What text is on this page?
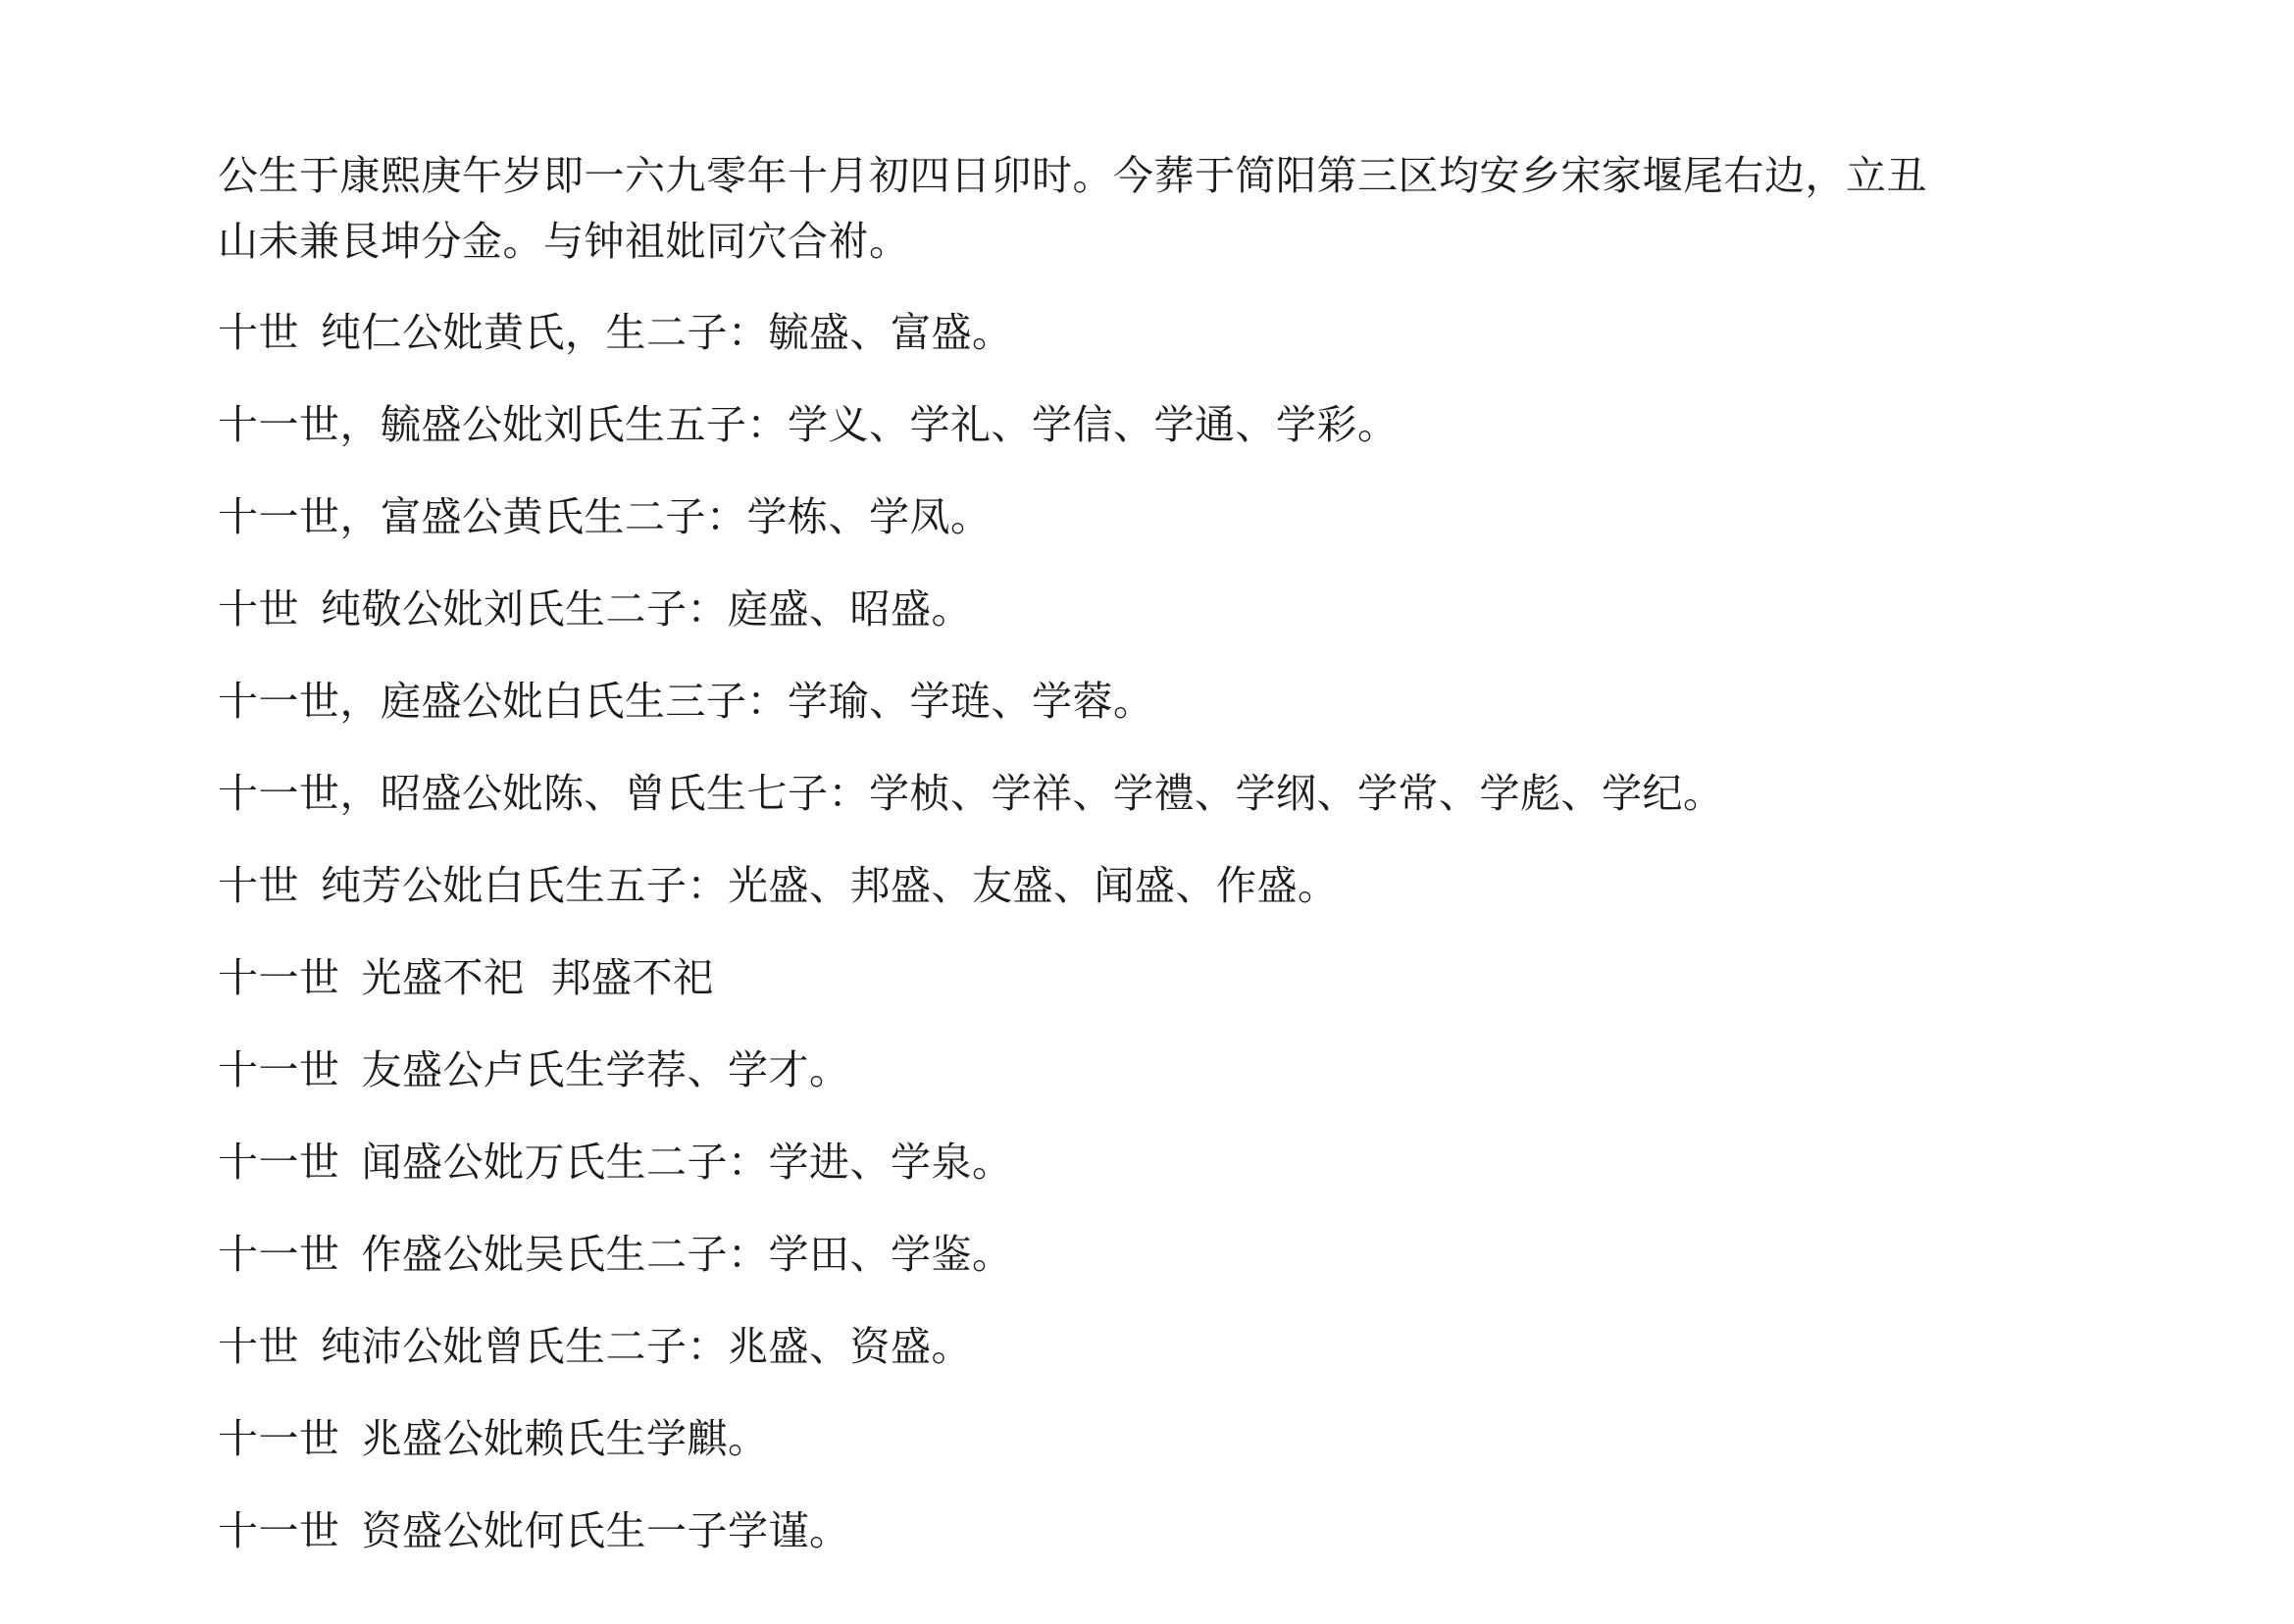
公生于康熙庚午岁即一六九零年十月初四日卯时。今葬于简阳第三区均安乡宋家堰尾右边，立丑
山未兼艮坤分金。与钟祖妣同穴合祔。

十世 纯仁公妣黄氏，生二子：毓盛、富盛。
十一世，毓盛公妣刘氏生五子：学义、学礼、学信、学通、学彩。
十一世，富盛公黄氏生二子：学栋、学凤。
十世 纯敬公妣刘氏生二子：庭盛、昭盛。
十一世，庭盛公妣白氏生三子：学瑜、学琏、学蓉。
十一世，昭盛公妣陈、曾氏生七子：学桢、学祥、学禮、学纲、学常、学彪、学纪。
十世 纯芳公妣白氏生五子：光盛、邦盛、友盛、闻盛、作盛。
十一世 光盛不祀  邦盛不祀
十一世 友盛公卢氏生学荐、学才。
十一世 闻盛公妣万氏生二子：学进、学泉。
十一世 作盛公妣吴氏生二子：学田、学鉴。
十世 纯沛公妣曾氏生二子：兆盛、资盛。
十一世 兆盛公妣赖氏生学麒。
十一世 资盛公妣何氏生一子学谨。
